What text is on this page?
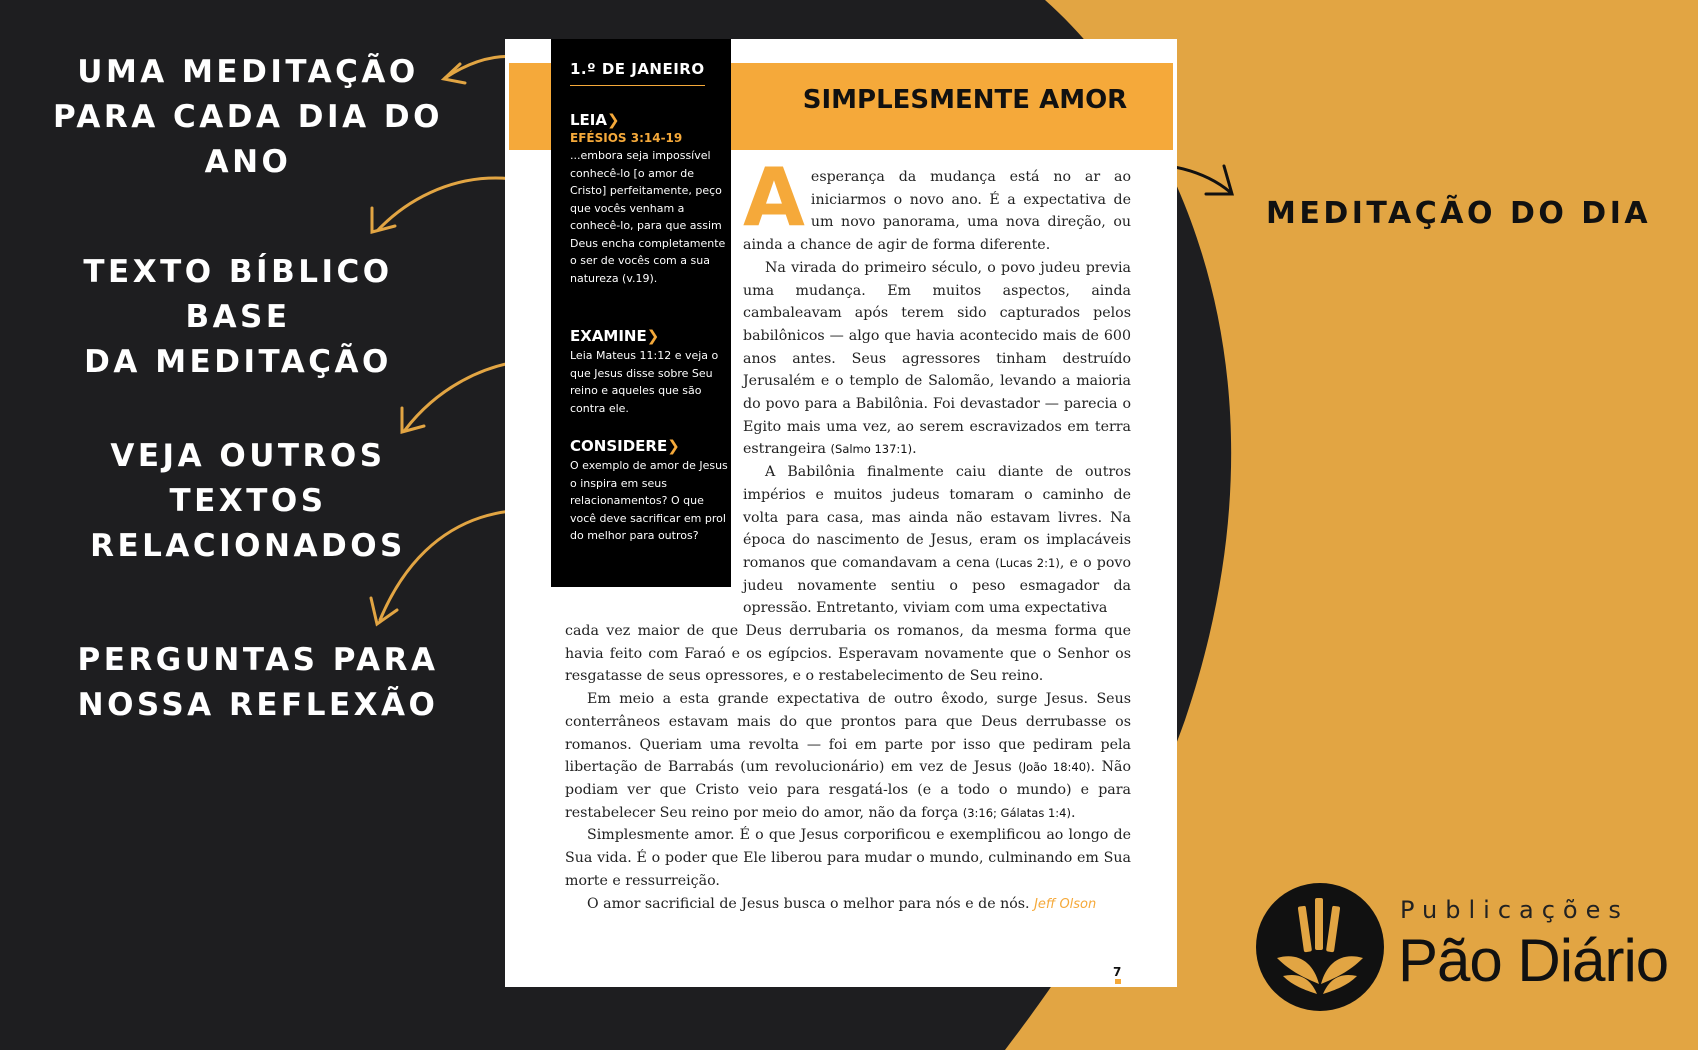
UMA MEDITAÇÃO
PARA CADA DIA DO
ANO
TEXTO BÍBLICO BASE
DA MEDITAÇÃO
VEJA OUTROS TEXTOS
RELACIONADOS
PERGUNTAS PARA
NOSSA REFLEXÃO
MEDITAÇÃO DO DIA
SIMPLESMENTE AMOR
1.º DE JANEIRO
LEIA❯
EFÉSIOS 3:14-19
...embora seja impossível conhecê-lo [o amor de Cristo] perfeitamente, peço que vocês venham a conhecê-lo, para que assim Deus encha completamente o ser de vocês com a sua natureza (v.19).
EXAMINE❯
Leia Mateus 11:12 e veja o que Jesus disse sobre Seu reino e aqueles que são contra ele.
CONSIDERE❯
O exemplo de amor de Jesus o inspira em seus relacionamentos? O que você deve sacrificar em prol do melhor para outros?
Aesperança da mudança está no ar ao iniciarmos o novo ano. É a expectativa de um novo panorama, uma nova direção, ou ainda a chance de agir de forma diferente.
Na virada do primeiro século, o povo judeu previa uma mudança. Em muitos aspectos, ainda cambaleavam após terem sido capturados pelos babilônicos — algo que havia acontecido mais de 600 anos antes. Seus agressores tinham destruído Jerusalém e o templo de Salomão, levando a maioria do povo para a Babilônia. Foi devastador — parecia o Egito mais uma vez, ao serem escravizados em terra estrangeira (Salmo 137:1).
A Babilônia finalmente caiu diante de outros impérios e muitos judeus tomaram o caminho de volta para casa, mas ainda não estavam livres. Na época do nascimento de Jesus, eram os implacáveis romanos que comandavam a cena (Lucas 2:1), e o povo judeu novamente sentiu o peso esmagador da opressão. Entretanto, viviam com uma expectativa
cada vez maior de que Deus derrubaria os romanos, da mesma forma que havia feito com Faraó e os egípcios. Esperavam novamente que o Senhor os resgatasse de seus opressores, e o restabelecimento de Seu reino.
Em meio a esta grande expectativa de outro êxodo, surge Jesus. Seus conterrâneos estavam mais do que prontos para que Deus derrubasse os romanos. Queriam uma revolta — foi em parte por isso que pediram pela libertação de Barrabás (um revolucionário) em vez de Jesus (João 18:40). Não podiam ver que Cristo veio para resgatá-los (e a todo o mundo) e para restabelecer Seu reino por meio do amor, não da força (3:16; Gálatas 1:4).
Simplesmente amor. É o que Jesus corporificou e exemplificou ao longo de Sua vida. É o poder que Ele liberou para mudar o mundo, culminando em Sua morte e ressurreição.
O amor sacrificial de Jesus busca o melhor para nós e de nós. Jeff Olson
7
Publicações
Pão Diário
